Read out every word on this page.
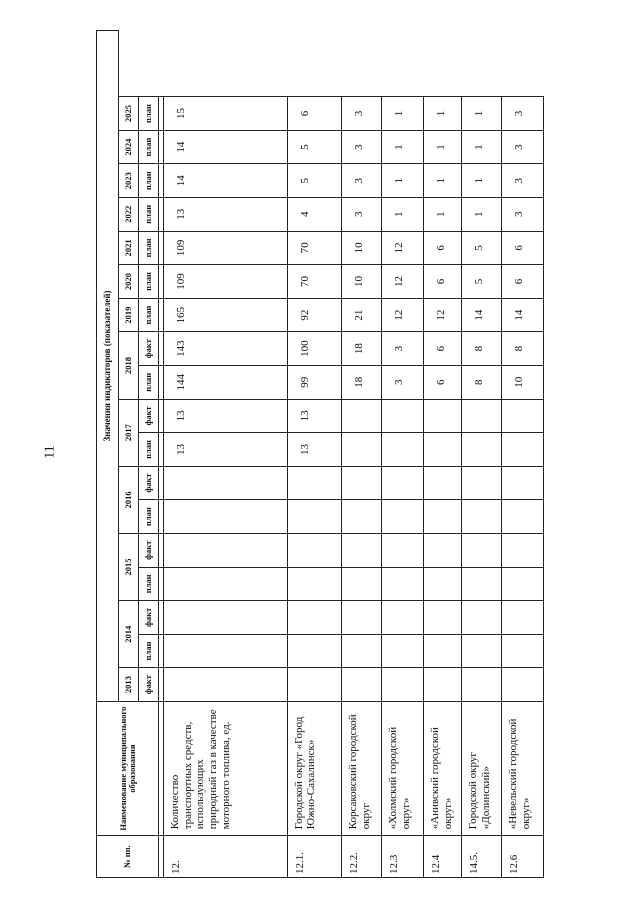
11
№ пп.	Наименование муниципального образования	Значения индикаторов (показателей)																	
		2013	2014		2015		2016		2017		2018		2019	2020	2021	2022	2023	2024	2025
		факт	план	факт	план	факт	план	факт	план	факт	план	факт	план	план	план	план	план	план	план

12.	Количество транспортных средств, использующих природный газ в качестве моторного топлива, ед.								13	13	144	143	165	109	109	13	14	14	15
12.1.	Городской округ «Город Южно-Сахалинск»								13	13	99	100	92	70	70	4	5	5	6
12.2.	Корсаковский городской округ										18	18	21	10	10	3	3	3	3
12.3	«Холмский городской округ»										3	3	12	12	12	1	1	1	1
12.4	«Анивский городской округ»										6	6	12	6	6	1	1	1	1
14.5.	Городской округ «Долинский»										8	8	14	5	5	1	1	1	1
12.6	«Невельский городской округ»										10	8	14	6	6	3	3	3	3
